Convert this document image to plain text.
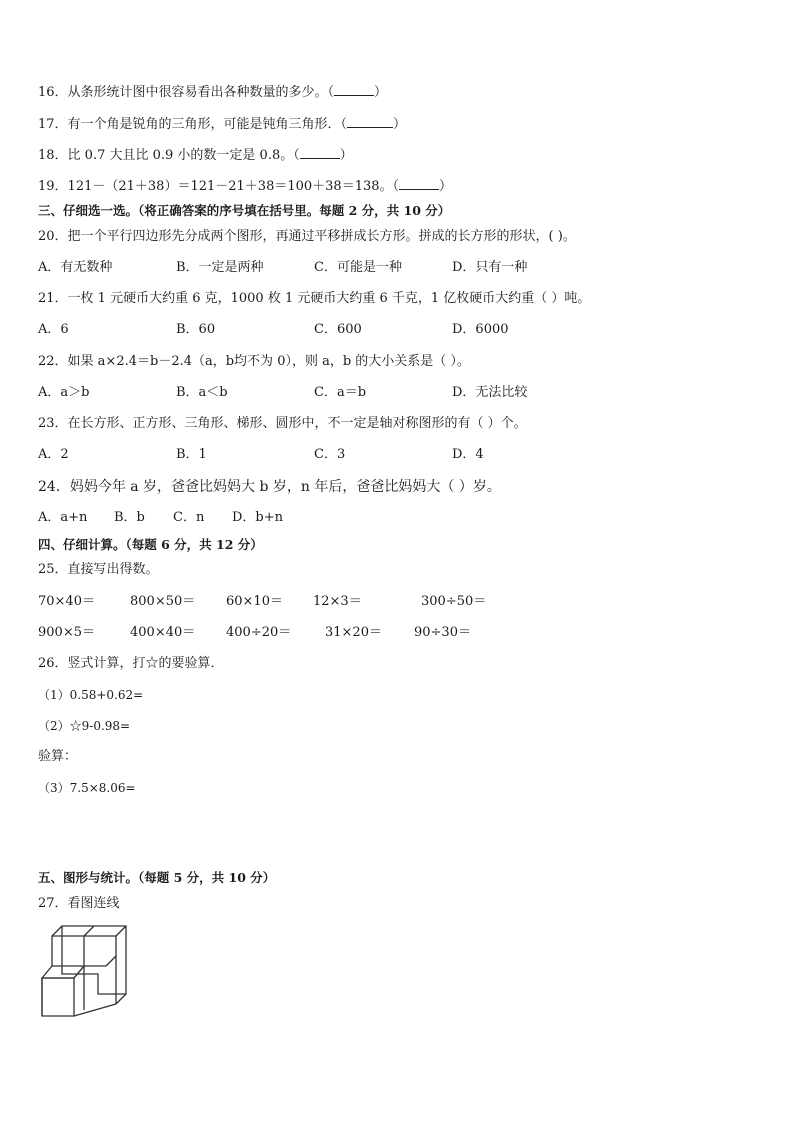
16．从条形统计图中很容易看出各种数量的多少。（	）
17．有一个角是锐角的三角形，可能是钝角三角形．（	）
18．比 0.7 大且比 0.9 小的数一定是 0.8。（	）
19．121－（21＋38）＝121－21＋38＝100＋38＝138。（	）
三、仔细选一选。（将正确答案的序号填在括号里。每题 2 分，共 10 分）
20．把一个平行四边形先分成两个图形，再通过平移拼成长方形。拼成的长方形的形状，( )。
A．有无数种	B．一定是两种	C．可能是一种	D．只有一种
21．一枚 1 元硬币大约重 6 克，1000 枚 1 元硬币大约重 6 千克，1 亿枚硬币大约重（ ）吨。
A．6	B．60	C．600	D．6000
22．如果 a×2.4＝b－2.4（a，b均不为 0），则 a，b 的大小关系是（ ）。
A．a＞b	B．a＜b	C．a＝b	D．无法比较
23．在长方形、正方形、三角形、梯形、圆形中，不一定是轴对称图形的有（ ）个。
A．2	B．1	C．3	D．4
24．妈妈今年 a 岁，爸爸比妈妈大 b 岁，n 年后，爸爸比妈妈大（ ）岁。
A．a+n B．b C．n D．b+n
四、仔细计算。（每题 6 分，共 12 分）
25．直接写出得数。
70×40＝	800×50＝ 60×10＝ 12×3＝	300÷50＝
900×5＝	400×40＝ 400÷20＝	31×20＝ 90÷30＝
26．竖式计算，打☆的要验算．
（1）0.58+0.62=
（2）☆9-0.98=
验算：
（3）7.5×8.06=
五、图形与统计。（每题 5 分，共 10 分）
27．看图连线
